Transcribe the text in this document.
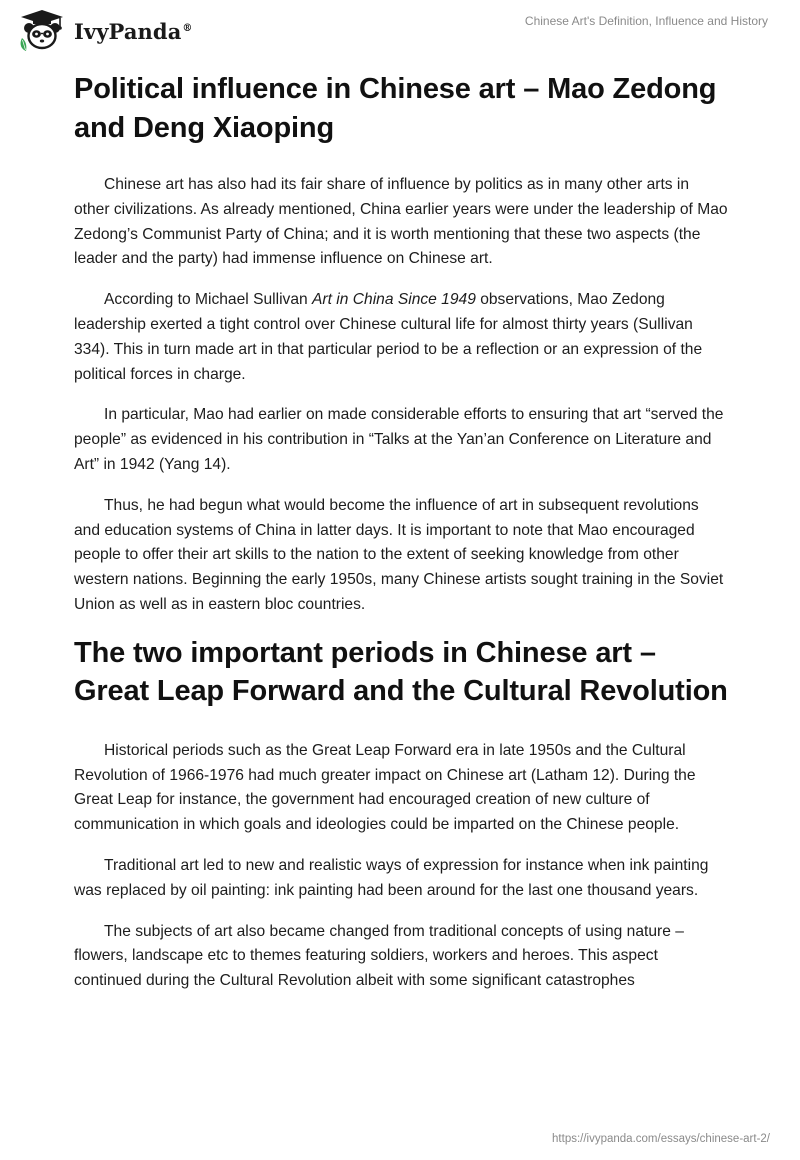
IvyPanda®	Chinese Art's Definition, Influence and History
Political influence in Chinese art – Mao Zedong and Deng Xiaoping

Chinese art has also had its fair share of influence by politics as in many other arts in other civilizations. As already mentioned, China earlier years were under the leadership of Mao Zedong’s Communist Party of China; and it is worth mentioning that these two aspects (the leader and the party) had immense influence on Chinese art.

According to Michael Sullivan Art in China Since 1949 observations, Mao Zedong leadership exerted a tight control over Chinese cultural life for almost thirty years (Sullivan 334). This in turn made art in that particular period to be a reflection or an expression of the political forces in charge.

In particular, Mao had earlier on made considerable efforts to ensuring that art “served the people” as evidenced in his contribution in “Talks at the Yan’an Conference on Literature and Art” in 1942 (Yang 14).

Thus, he had begun what would become the influence of art in subsequent revolutions and education systems of China in latter days. It is important to note that Mao encouraged people to offer their art skills to the nation to the extent of seeking knowledge from other western nations. Beginning the early 1950s, many Chinese artists sought training in the Soviet Union as well as in eastern bloc countries.

The two important periods in Chinese art – Great Leap Forward and the Cultural Revolution

Historical periods such as the Great Leap Forward era in late 1950s and the Cultural Revolution of 1966-1976 had much greater impact on Chinese art (Latham 12). During the Great Leap for instance, the government had encouraged creation of new culture of communication in which goals and ideologies could be imparted on the Chinese people.

Traditional art led to new and realistic ways of expression for instance when ink painting was replaced by oil painting: ink painting had been around for the last one thousand years.

The subjects of art also became changed from traditional concepts of using nature – flowers, landscape etc to themes featuring soldiers, workers and heroes. This aspect continued during the Cultural Revolution albeit with some significant catastrophes

https://ivypanda.com/essays/chinese-art-2/
